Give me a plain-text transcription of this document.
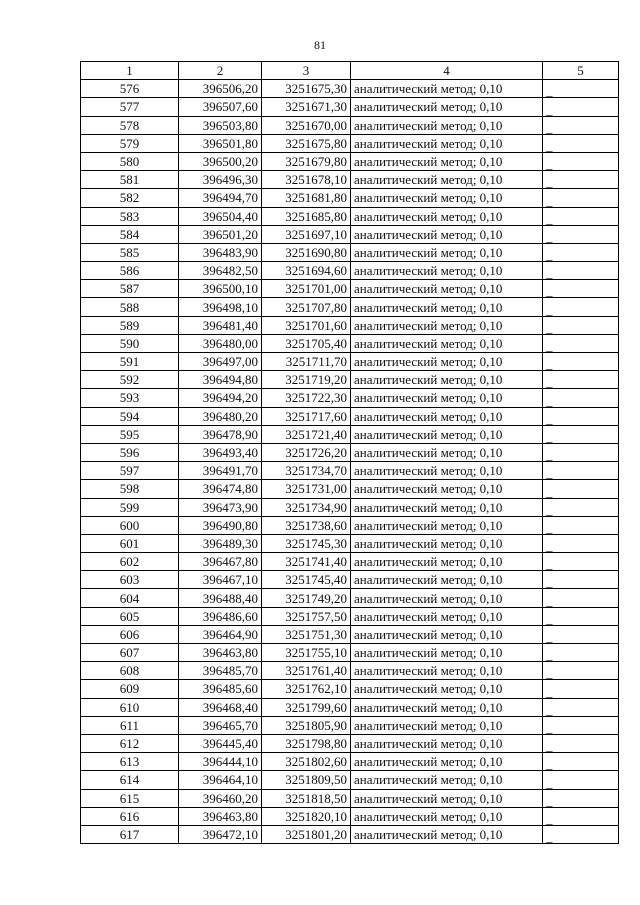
81
1	2	3	4	5
576	396506,20	3251675,30	аналитический метод; 0,10	_
577	396507,60	3251671,30	аналитический метод; 0,10	_
578	396503,80	3251670,00	аналитический метод; 0,10	_
579	396501,80	3251675,80	аналитический метод; 0,10	_
580	396500,20	3251679,80	аналитический метод; 0,10	_
581	396496,30	3251678,10	аналитический метод; 0,10	_
582	396494,70	3251681,80	аналитический метод; 0,10	_
583	396504,40	3251685,80	аналитический метод; 0,10	_
584	396501,20	3251697,10	аналитический метод; 0,10	_
585	396483,90	3251690,80	аналитический метод; 0,10	_
586	396482,50	3251694,60	аналитический метод; 0,10	_
587	396500,10	3251701,00	аналитический метод; 0,10	_
588	396498,10	3251707,80	аналитический метод; 0,10	_
589	396481,40	3251701,60	аналитический метод; 0,10	_
590	396480,00	3251705,40	аналитический метод; 0,10	_
591	396497,00	3251711,70	аналитический метод; 0,10	_
592	396494,80	3251719,20	аналитический метод; 0,10	_
593	396494,20	3251722,30	аналитический метод; 0,10	_
594	396480,20	3251717,60	аналитический метод; 0,10	_
595	396478,90	3251721,40	аналитический метод; 0,10	_
596	396493,40	3251726,20	аналитический метод; 0,10	_
597	396491,70	3251734,70	аналитический метод; 0,10	_
598	396474,80	3251731,00	аналитический метод; 0,10	_
599	396473,90	3251734,90	аналитический метод; 0,10	_
600	396490,80	3251738,60	аналитический метод; 0,10	_
601	396489,30	3251745,30	аналитический метод; 0,10	_
602	396467,80	3251741,40	аналитический метод; 0,10	_
603	396467,10	3251745,40	аналитический метод; 0,10	_
604	396488,40	3251749,20	аналитический метод; 0,10	_
605	396486,60	3251757,50	аналитический метод; 0,10	_
606	396464,90	3251751,30	аналитический метод; 0,10	_
607	396463,80	3251755,10	аналитический метод; 0,10	_
608	396485,70	3251761,40	аналитический метод; 0,10	_
609	396485,60	3251762,10	аналитический метод; 0,10	_
610	396468,40	3251799,60	аналитический метод; 0,10	_
611	396465,70	3251805,90	аналитический метод; 0,10	_
612	396445,40	3251798,80	аналитический метод; 0,10	_
613	396444,10	3251802,60	аналитический метод; 0,10	_
614	396464,10	3251809,50	аналитический метод; 0,10	_
615	396460,20	3251818,50	аналитический метод; 0,10	_
616	396463,80	3251820,10	аналитический метод; 0,10	_
617	396472,10	3251801,20	аналитический метод; 0,10	_
